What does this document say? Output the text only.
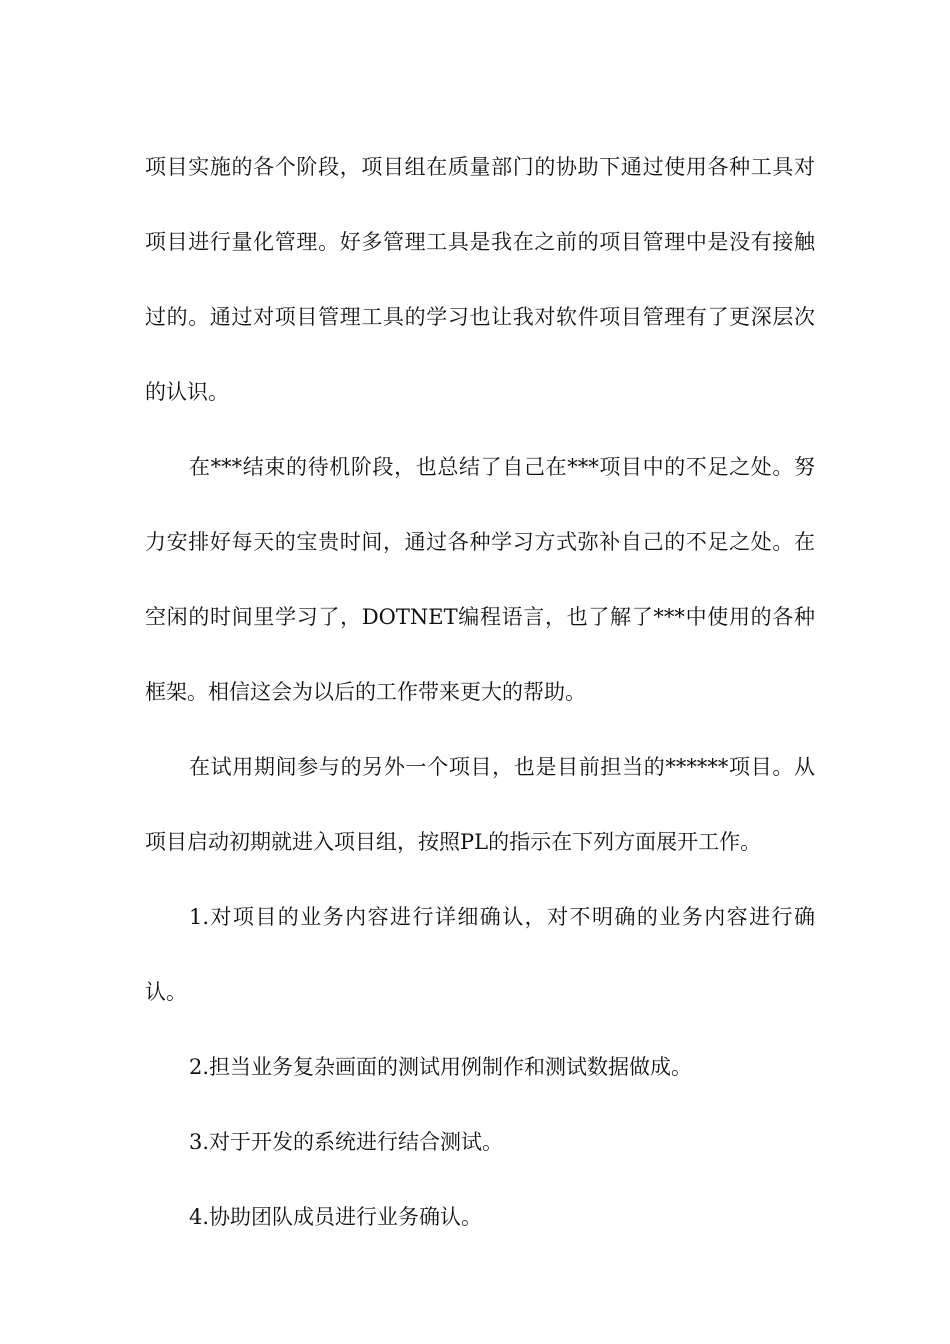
项目实施的各个阶段，项目组在质量部门的协助下通过使用各种工具对项目进行量化管理。好多管理工具是我在之前的项目管理中是没有接触过的。通过对项目管理工具的学习也让我对软件项目管理有了更深层次的认识。

在***结束的待机阶段，也总结了自己在***项目中的不足之处。努力安排好每天的宝贵时间，通过各种学习方式弥补自己的不足之处。在空闲的时间里学习了，DOTNET编程语言，也了解了***中使用的各种框架。相信这会为以后的工作带来更大的帮助。

在试用期间参与的另外一个项目，也是目前担当的******项目。从项目启动初期就进入项目组，按照PL的指示在下列方面展开工作。

1.对项目的业务内容进行详细确认，对不明确的业务内容进行确认。

2.担当业务复杂画面的测试用例制作和测试数据做成。

3.对于开发的系统进行结合测试。

4.协助团队成员进行业务确认。
